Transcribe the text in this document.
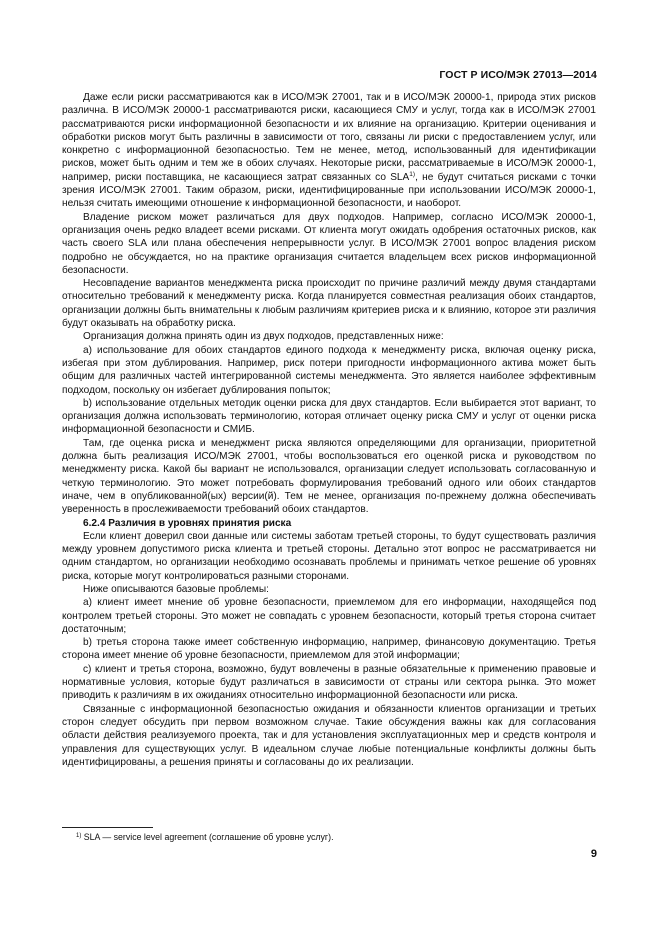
ГОСТ Р ИСО/МЭК 27013—2014

Даже если риски рассматриваются как в ИСО/МЭК 27001, так и в ИСО/МЭК 20000-1, природа этих рисков различна. В ИСО/МЭК 20000-1 рассматриваются риски, касающиеся СМУ и услуг, тогда как в ИСО/МЭК 27001 рассматриваются риски информационной безопасности и их влияние на организацию. Критерии оценивания и обработки рисков могут быть различны в зависимости от того, связаны ли риски с предоставлением услуг, или конкретно с информационной безопасностью. Тем не менее, метод, использованный для идентификации рисков, может быть одним и тем же в обоих случаях. Некоторые риски, рассматриваемые в ИСО/МЭК 20000-1, например, риски поставщика, не касающиеся затрат связанных со SLA$^{1)}$, не будут считаться рисками с точки зрения ИСО/МЭК 27001. Таким образом, риски, идентифицированные при использовании ИСО/МЭК 20000-1, нельзя считать имеющими отношение к информационной безопасности, и наоборот.

Владение риском может различаться для двух подходов. Например, согласно ИСО/МЭК 20000-1, организация очень редко владеет всеми рисками. От клиента могут ожидать одобрения остаточных рисков, как часть своего SLA или плана обеспечения непрерывности услуг. В ИСО/МЭК 27001 вопрос владения риском подробно не обсуждается, но на практике организация считается владельцем всех рисков информационной безопасности.

Несовпадение вариантов менеджмента риска происходит по причине различий между двумя стандартами относительно требований к менеджменту риска. Когда планируется совместная реализация обоих стандартов, организации должны быть внимательны к любым различиям критериев риска и к влиянию, которое эти различия будут оказывать на обработку риска.

Организация должна принять один из двух подходов, представленных ниже:

a) использование для обоих стандартов единого подхода к менеджменту риска, включая оценку риска, избегая при этом дублирования. Например, риск потери пригодности информационного актива может быть общим для различных частей интегрированной системы менеджмента. Это является наиболее эффективным подходом, поскольку он избегает дублирования попыток;

b) использование отдельных методик оценки риска для двух стандартов. Если выбирается этот вариант, то организация должна использовать терминологию, которая отличает оценку риска СМУ и услуг от оценки риска информационной безопасности и СМИБ.

Там, где оценка риска и менеджмент риска являются определяющими для организации, приоритетной должна быть реализация ИСО/МЭК 27001, чтобы воспользоваться его оценкой риска и руководством по менеджменту риска. Какой бы вариант не использовался, организации следует использовать согласованную и четкую терминологию. Это может потребовать формулирования требований одного или обоих стандартов иначе, чем в опубликованной(ых) версии(й). Тем не менее, организация по-прежнему должна обеспечивать уверенность в прослеживаемости требований обоих стандартов.

6.2.4 Различия в уровнях принятия риска

Если клиент доверил свои данные или системы заботам третьей стороны, то будут существовать различия между уровнем допустимого риска клиента и третьей стороны. Детально этот вопрос не рассматривается ни одним стандартом, но организации необходимо осознавать проблемы и принимать четкое решение об уровнях риска, которые могут контролироваться разными сторонами.

Ниже описываются базовые проблемы:

a) клиент имеет мнение об уровне безопасности, приемлемом для его информации, находящейся под контролем третьей стороны. Это может не совпадать с уровнем безопасности, который третья сторона считает достаточным;

b) третья сторона также имеет собственную информацию, например, финансовую документацию. Третья сторона имеет мнение об уровне безопасности, приемлемом для этой информации;

c) клиент и третья сторона, возможно, будут вовлечены в разные обязательные к применению правовые и нормативные условия, которые будут различаться в зависимости от страны или сектора рынка. Это может приводить к различиям в их ожиданиях относительно информационной безопасности или риска.

Связанные с информационной безопасностью ожидания и обязанности клиентов организации и третьих сторон следует обсудить при первом возможном случае. Такие обсуждения важны как для согласования области действия реализуемого проекта, так и для установления эксплуатационных мер и средств контроля и управления для существующих услуг. В идеальном случае любые потенциальные конфликты должны быть идентифицированы, а решения приняты и согласованы до их реализации.

$^{1)}$ SLA — service level agreement (соглашение об уровне услуг).
9
